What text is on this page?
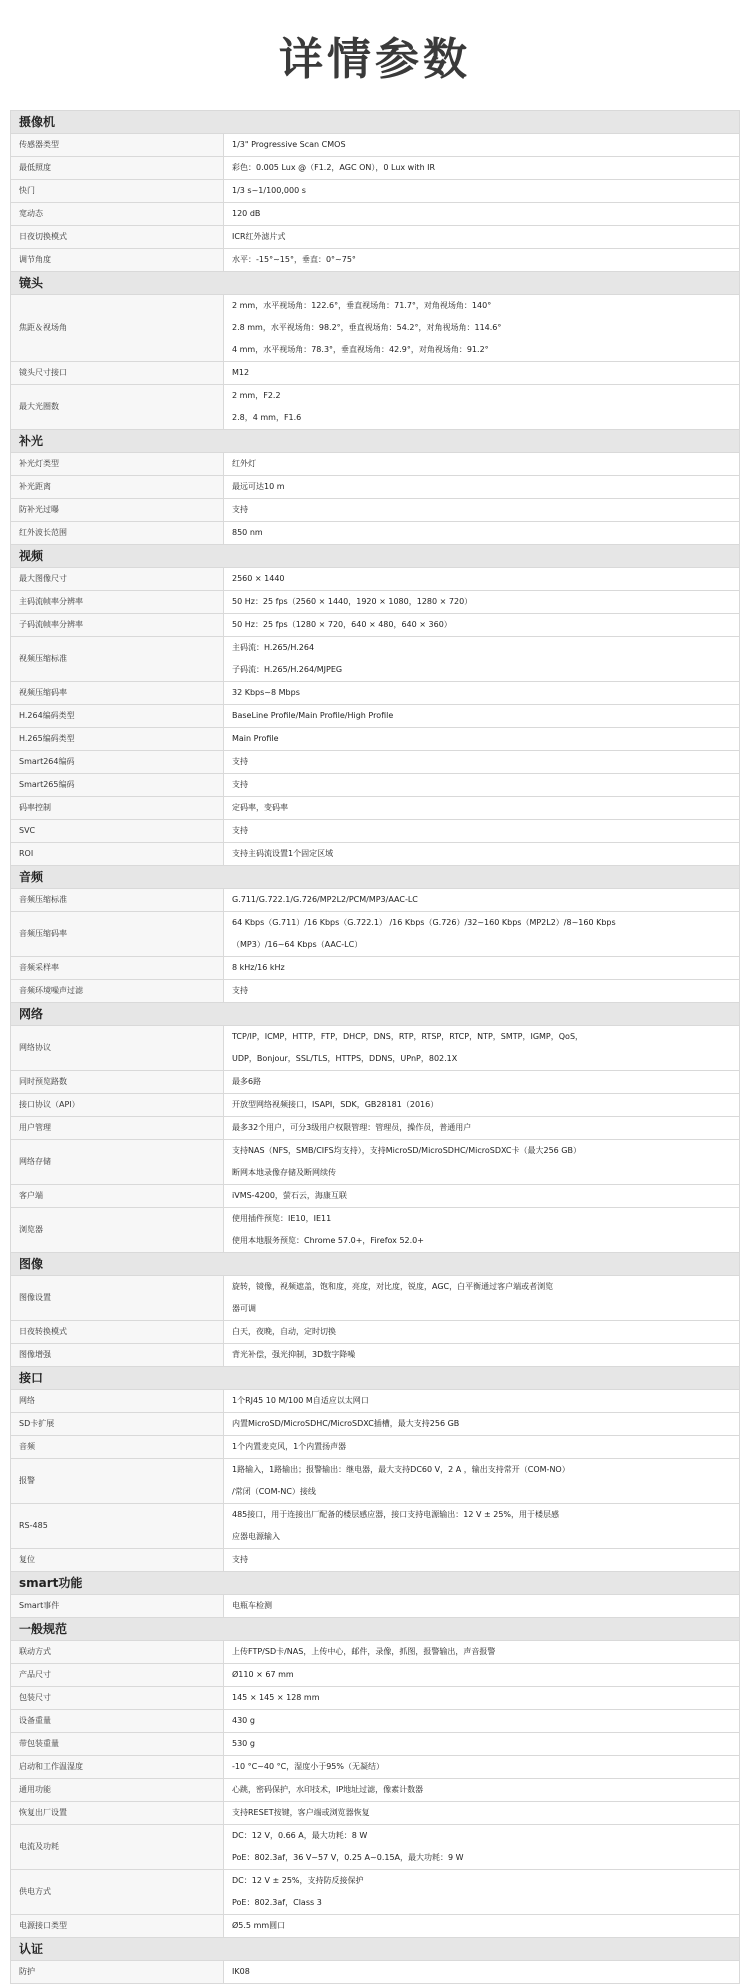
详情参数
摄像机	
传感器类型	1/3" Progressive Scan CMOS

最低照度	彩色：0.005 Lux @（F1.2，AGC ON），0 Lux with IR

快门	1/3 s~1/100,000 s

宽动态	120 dB

日夜切换模式	ICR红外滤片式

调节角度	水平：-15°~15°，垂直：0°~75°

镜头	
焦距＆视场角	2 mm，水平视场角：122.6°，垂直视场角：71.7°，对角视场角：140°
2.8 mm，水平视场角：98.2°，垂直视场角：54.2°，对角视场角：114.6°
4 mm，水平视场角：78.3°，垂直视场角：42.9°，对角视场角：91.2°

镜头尺寸接口	M12

最大光圈数	2 mm，F2.2
2.8，4 mm，F1.6

补光	
补光灯类型	红外灯

补光距离	最远可达10 m

防补光过曝	支持

红外波长范围	850 nm

视频	
最大图像尺寸	2560 × 1440

主码流帧率分辨率	50 Hz：25 fps（2560 × 1440，1920 × 1080，1280 × 720）

子码流帧率分辨率	50 Hz：25 fps（1280 × 720，640 × 480，640 × 360）

视频压缩标准	主码流：H.265/H.264
子码流：H.265/H.264/MJPEG

视频压缩码率	32 Kbps~8 Mbps

H.264编码类型	BaseLine Profile/Main Profile/High Profile

H.265编码类型	Main Profile

Smart264编码	支持

Smart265编码	支持

码率控制	定码率，变码率

SVC	支持

ROI	支持主码流设置1个固定区域

音频	
音频压缩标准	G.711/G.722.1/G.726/MP2L2/PCM/MP3/AAC-LC

音频压缩码率	64 Kbps（G.711）/16 Kbps（G.722.1） /16 Kbps（G.726）/32~160 Kbps（MP2L2）/8~160 Kbps
（MP3）/16~64 Kbps（AAC-LC）

音频采样率	8 kHz/16 kHz

音频环境噪声过滤	支持

网络	
网络协议	TCP/IP，ICMP，HTTP，FTP，DHCP，DNS，RTP，RTSP，RTCP，NTP，SMTP，IGMP，QoS，
UDP，Bonjour，SSL/TLS，HTTPS，DDNS，UPnP，802.1X

同时预览路数	最多6路

接口协议（API）	开放型网络视频接口，ISAPI，SDK，GB28181（2016）

用户管理	最多32个用户，可分3级用户权限管理：管理员，操作员，普通用户

网络存储	支持NAS（NFS，SMB/CIFS均支持），支持MicroSD/MicroSDHC/MicroSDXC卡（最大256 GB）
断网本地录像存储及断网续传

客户端	iVMS-4200，萤石云，海康互联

浏览器	使用插件预览：IE10，IE11
使用本地服务预览：Chrome 57.0+，Firefox 52.0+

图像	
图像设置	旋转，镜像，视频遮盖，饱和度，亮度，对比度，锐度，AGC，白平衡通过客户端或者浏览
器可调

日夜转换模式	白天，夜晚，自动，定时切换

图像增强	背光补偿，强光抑制，3D数字降噪

接口	
网络	1个RJ45 10 M/100 M自适应以太网口

SD卡扩展	内置MicroSD/MicroSDHC/MicroSDXC插槽，最大支持256 GB

音频	1个内置麦克风，1个内置扬声器

报警	1路输入，1路输出；报警输出：继电器，最大支持DC60 V，2 A ，输出支持常开（COM-NO）
/常闭（COM-NC）接线

RS-485	485接口，用于连接出厂配备的楼层感应器，接口支持电源输出：12 V ± 25%，用于楼层感
应器电源输入

复位	支持

smart功能	
Smart事件	电瓶车检测

一般规范	
联动方式	上传FTP/SD卡/NAS，上传中心，邮件，录像，抓图，报警输出，声音报警

产品尺寸	Ø110 × 67 mm

包装尺寸	145 × 145 × 128 mm

设备重量	430 g

带包装重量	530 g

启动和工作温湿度	-10 °C~40 °C，湿度小于95%（无凝结）

通用功能	心跳，密码保护，水印技术，IP地址过滤，像素计数器

恢复出厂设置	支持RESET按键，客户端或浏览器恢复

电流及功耗	DC：12 V，0.66 A，最大功耗：8 W
PoE：802.3af，36 V~57 V，0.25 A~0.15A，最大功耗：9 W

供电方式	DC：12 V ± 25%，支持防反接保护
PoE：802.3af，Class 3

电源接口类型	Ø5.5 mm圆口

认证	
防护	IK08
